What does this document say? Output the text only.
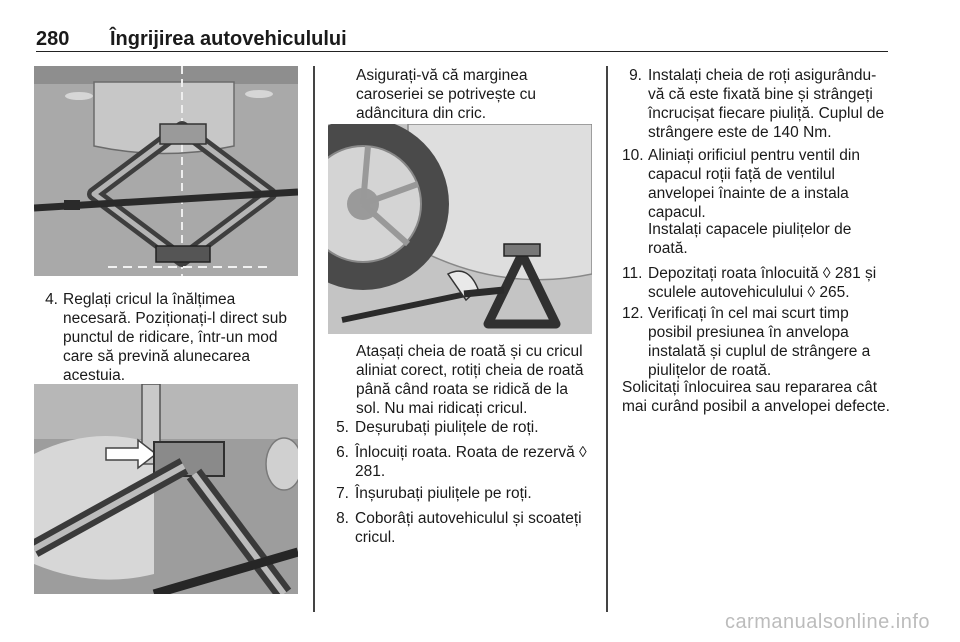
280 Îngrijirea autovehiculului
4. Reglați cricul la înălțimea necesară. Poziționați-l direct sub punctul de ridicare, într-un mod care să prevină alunecarea acestuia.
Asigurați-vă că marginea caroseriei se potrivește cu adâncitura din cric.
Atașați cheia de roată și cu cricul aliniat corect, rotiți cheia de roată până când roata se ridică de la sol. Nu mai ridicați cricul.
5. Deșurubați piulițele de roți.
6. Înlocuiți roata. Roata de rezervă ◊ 281.
7. Înșurubați piulițele pe roți.
8. Coborâți autovehiculul și scoateți cricul.
9. Instalați cheia de roți asigurându-vă că este fixată bine și strângeți încrucișat fiecare piuliță. Cuplul de strângere este de 140 Nm.
10. Aliniați orificiul pentru ventil din capacul roții față de ventilul anvelopei înainte de a instala capacul.
Instalați capacele piulițelor de roată.
11. Depozitați roata înlocuită ◊ 281 și sculele autovehiculului ◊ 265.
12. Verificați în cel mai scurt timp posibil presiunea în anvelopa instalată și cuplul de strângere a piulițelor de roată.
Solicitați înlocuirea sau repararea cât mai curând posibil a anvelopei defecte.
carmanualsonline.info
